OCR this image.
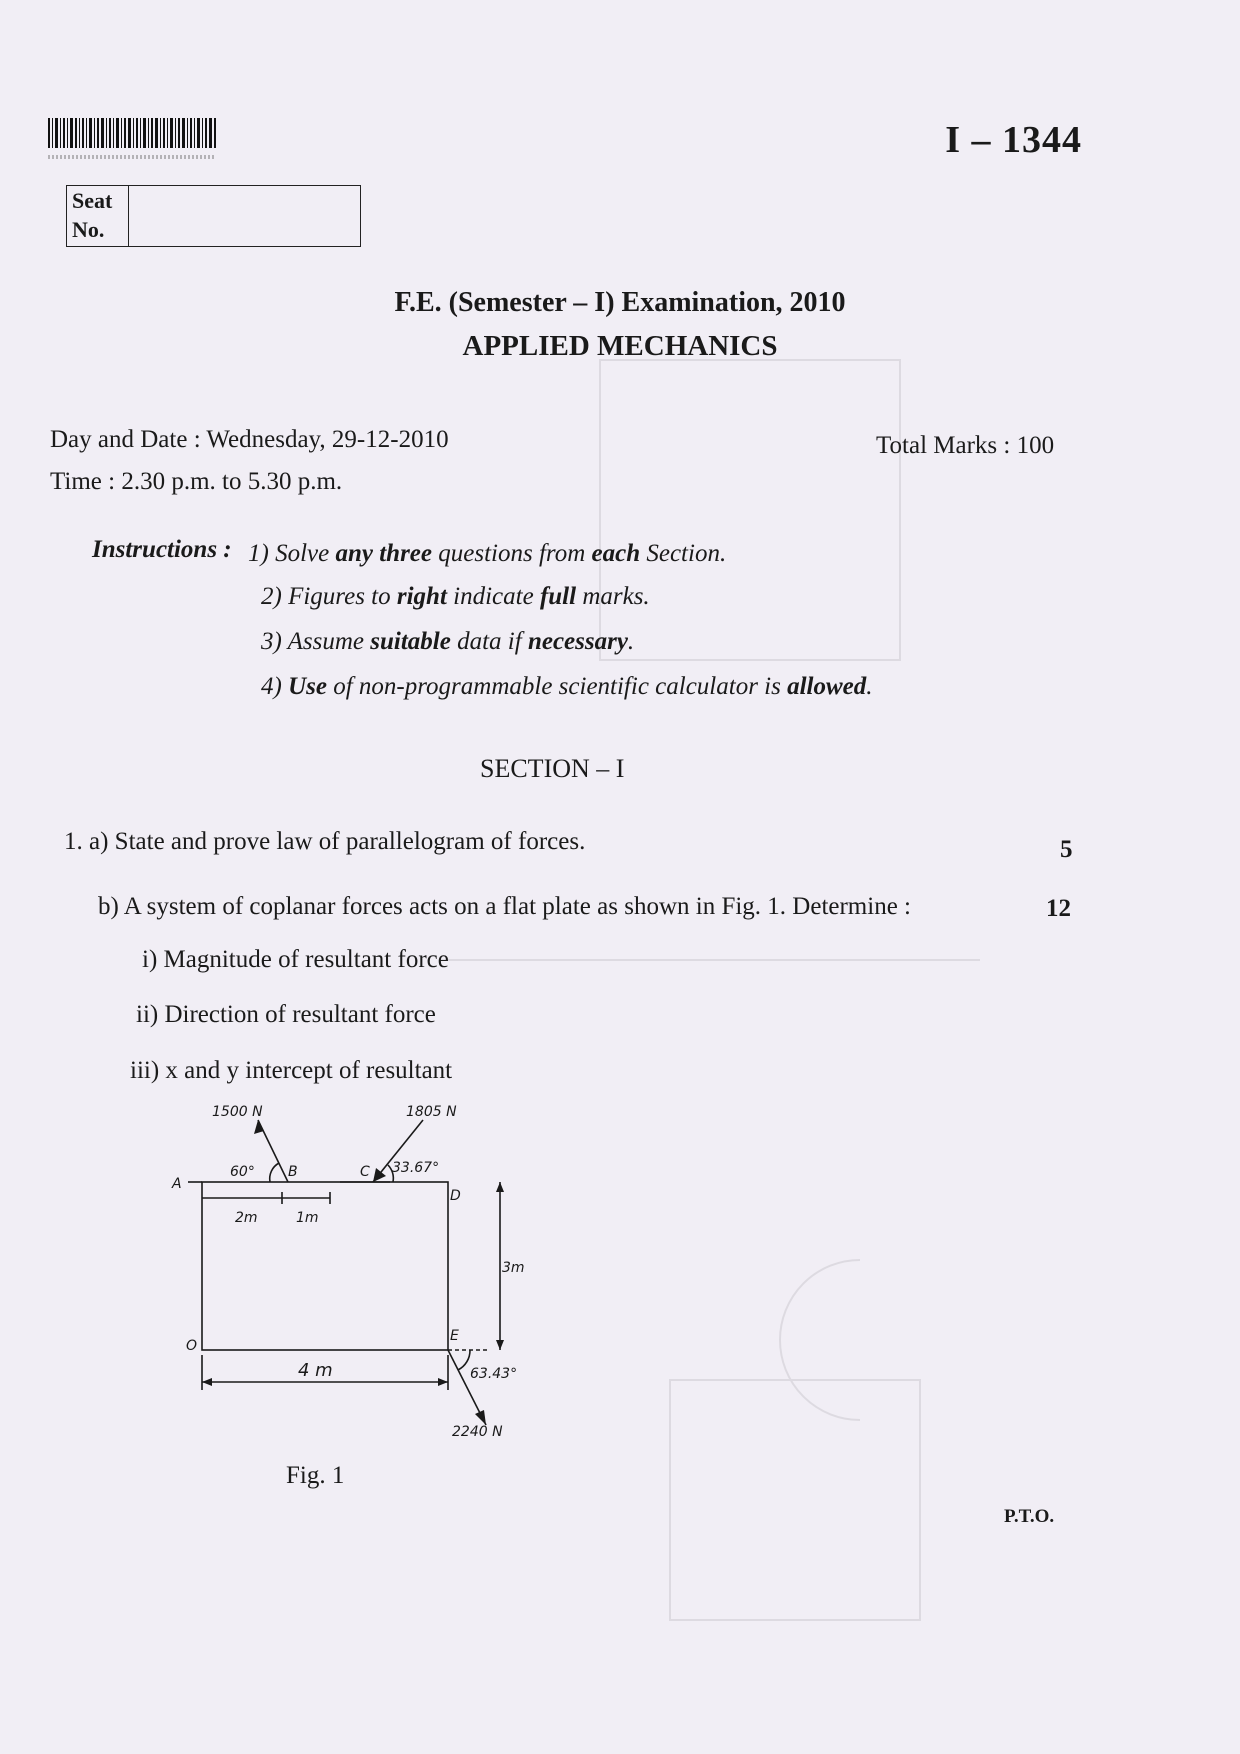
I – 1344
Seat
No.
F.E. (Semester – I) Examination, 2010
APPLIED MECHANICS
Day and Date : Wednesday, 29-12-2010
Time : 2.30 p.m. to 5.30 p.m.
Total Marks : 100
Instructions : 1) Solve any three questions from each Section.
2) Figures to right indicate full marks.
3) Assume suitable data if necessary.
4) Use of non-programmable scientific calculator is allowed.
SECTION – I
1. a) State and prove law of parallelogram of forces.	5
b) A system of coplanar forces acts on a flat plate as shown in Fig. 1. Determine :	12
i) Magnitude of resultant force
ii) Direction of resultant force
iii) x and y intercept of resultant
1500 N	1805 N
2240 N
60°	33.67°
63.43°
A
B	C
D
E
O
2m	1m
3m
4 m
Fig. 1
P.T.O.
